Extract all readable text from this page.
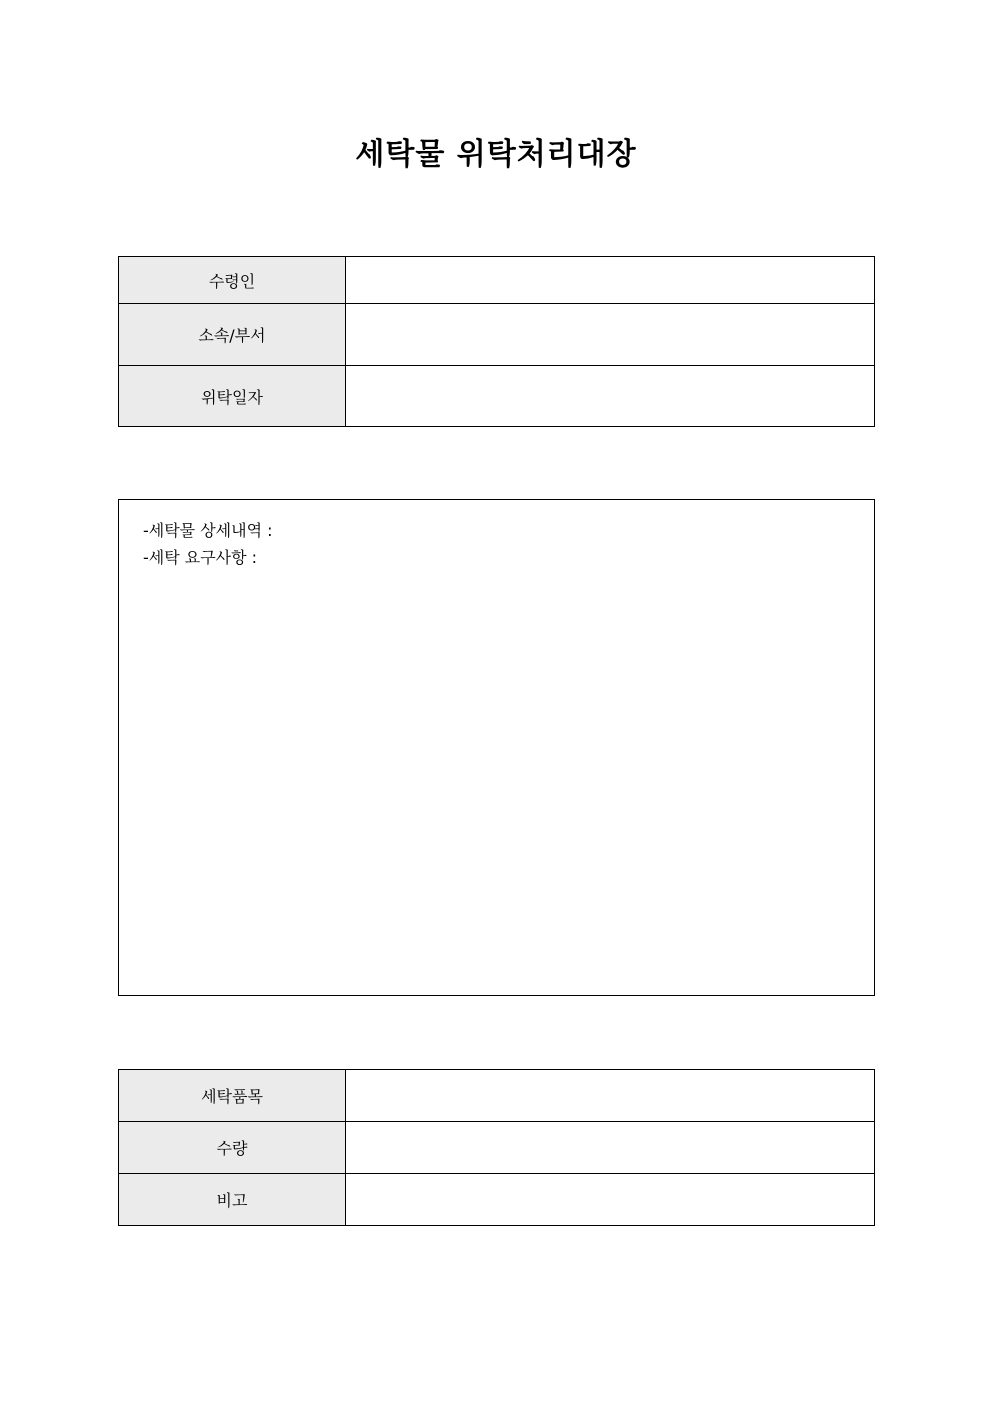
세탁물 위탁처리대장
수령인	
소속/부서	
위탁일자	
-세탁물 상세내역 :
-세탁 요구사항 :
세탁품목	
수량	
비고	
